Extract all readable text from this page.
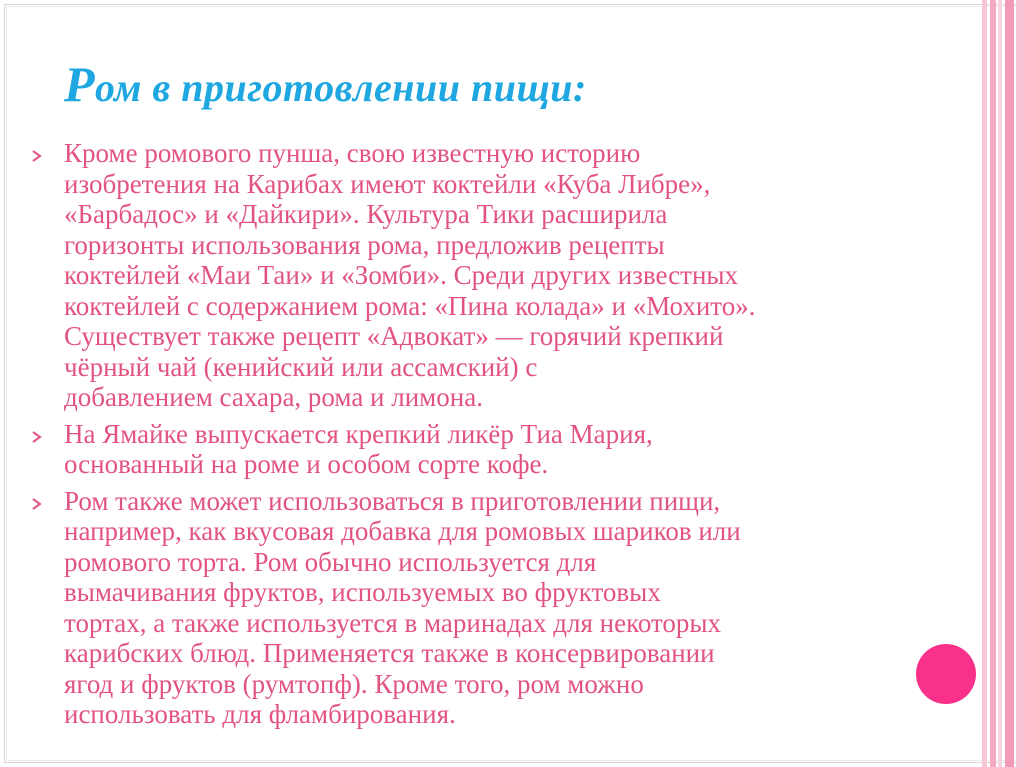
Ром в приготовлении пищи:
Кроме ромового пунша, свою известную историю
изобретения на Карибах имеют коктейли «Куба Либре»,
«Барбадос» и «Дайкири». Культура Тики расширила
горизонты использования рома, предложив рецепты
коктейлей «Маи Таи» и «Зомби». Среди других известных
коктейлей с содержанием рома: «Пина колада» и «Мохито».
Существует также рецепт «Адвокат» — горячий крепкий
чёрный чай (кенийский или ассамский) с
добавлением сахара, рома и лимона.
На Ямайке выпускается крепкий ликёр Тиа Мария,
основанный на роме и особом сорте кофе.
Ром также может использоваться в приготовлении пищи,
например, как вкусовая добавка для ромовых шариков или
ромового торта. Ром обычно используется для
вымачивания фруктов, используемых во фруктовых
тортах, а также используется в маринадах для некоторых
карибских блюд. Применяется также в консервировании
ягод и фруктов (румтопф). Кроме того, ром можно
использовать для фламбирования.
